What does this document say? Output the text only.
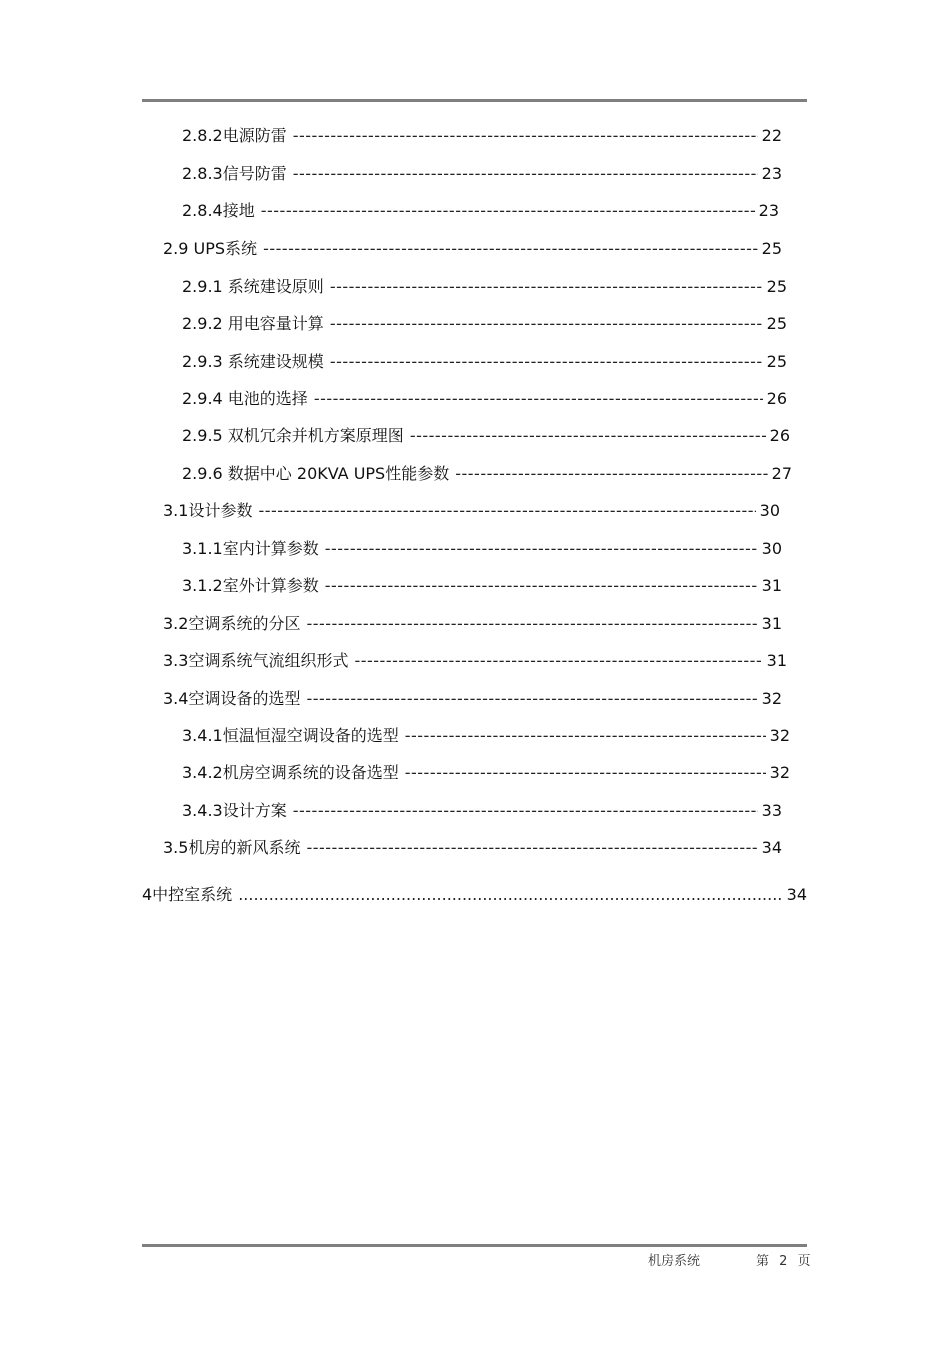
2.8.2电源防雷 -----	22
2.8.3信号防雷 -----	23
2.8.4接地 -----	23
2.9 UPS系统 -----	25
2.9.1 系统建设原则 -----	25
2.9.2 用电容量计算 -----	25
2.9.3 系统建设规模 -----	25
2.9.4 电池的选择 -----	26
2.9.5 双机冗余并机方案原理图 -----	26
2.9.6 数据中心 20KVA UPS性能参数 -----	27
3.1设计参数 -----	30
3.1.1室内计算参数 -----	30
3.1.2室外计算参数 -----	31
3.2空调系统的分区 -----	31
3.3空调系统气流组织形式 -----	31
3.4空调设备的选型 -----	32
3.4.1恒温恒湿空调设备的选型 -----	32
3.4.2机房空调系统的设备选型 -----	32
3.4.3设计方案 -----	33
3.5机房的新风系统 -----	34
4中控室系统 .....	34
机房系统	第 2 页
